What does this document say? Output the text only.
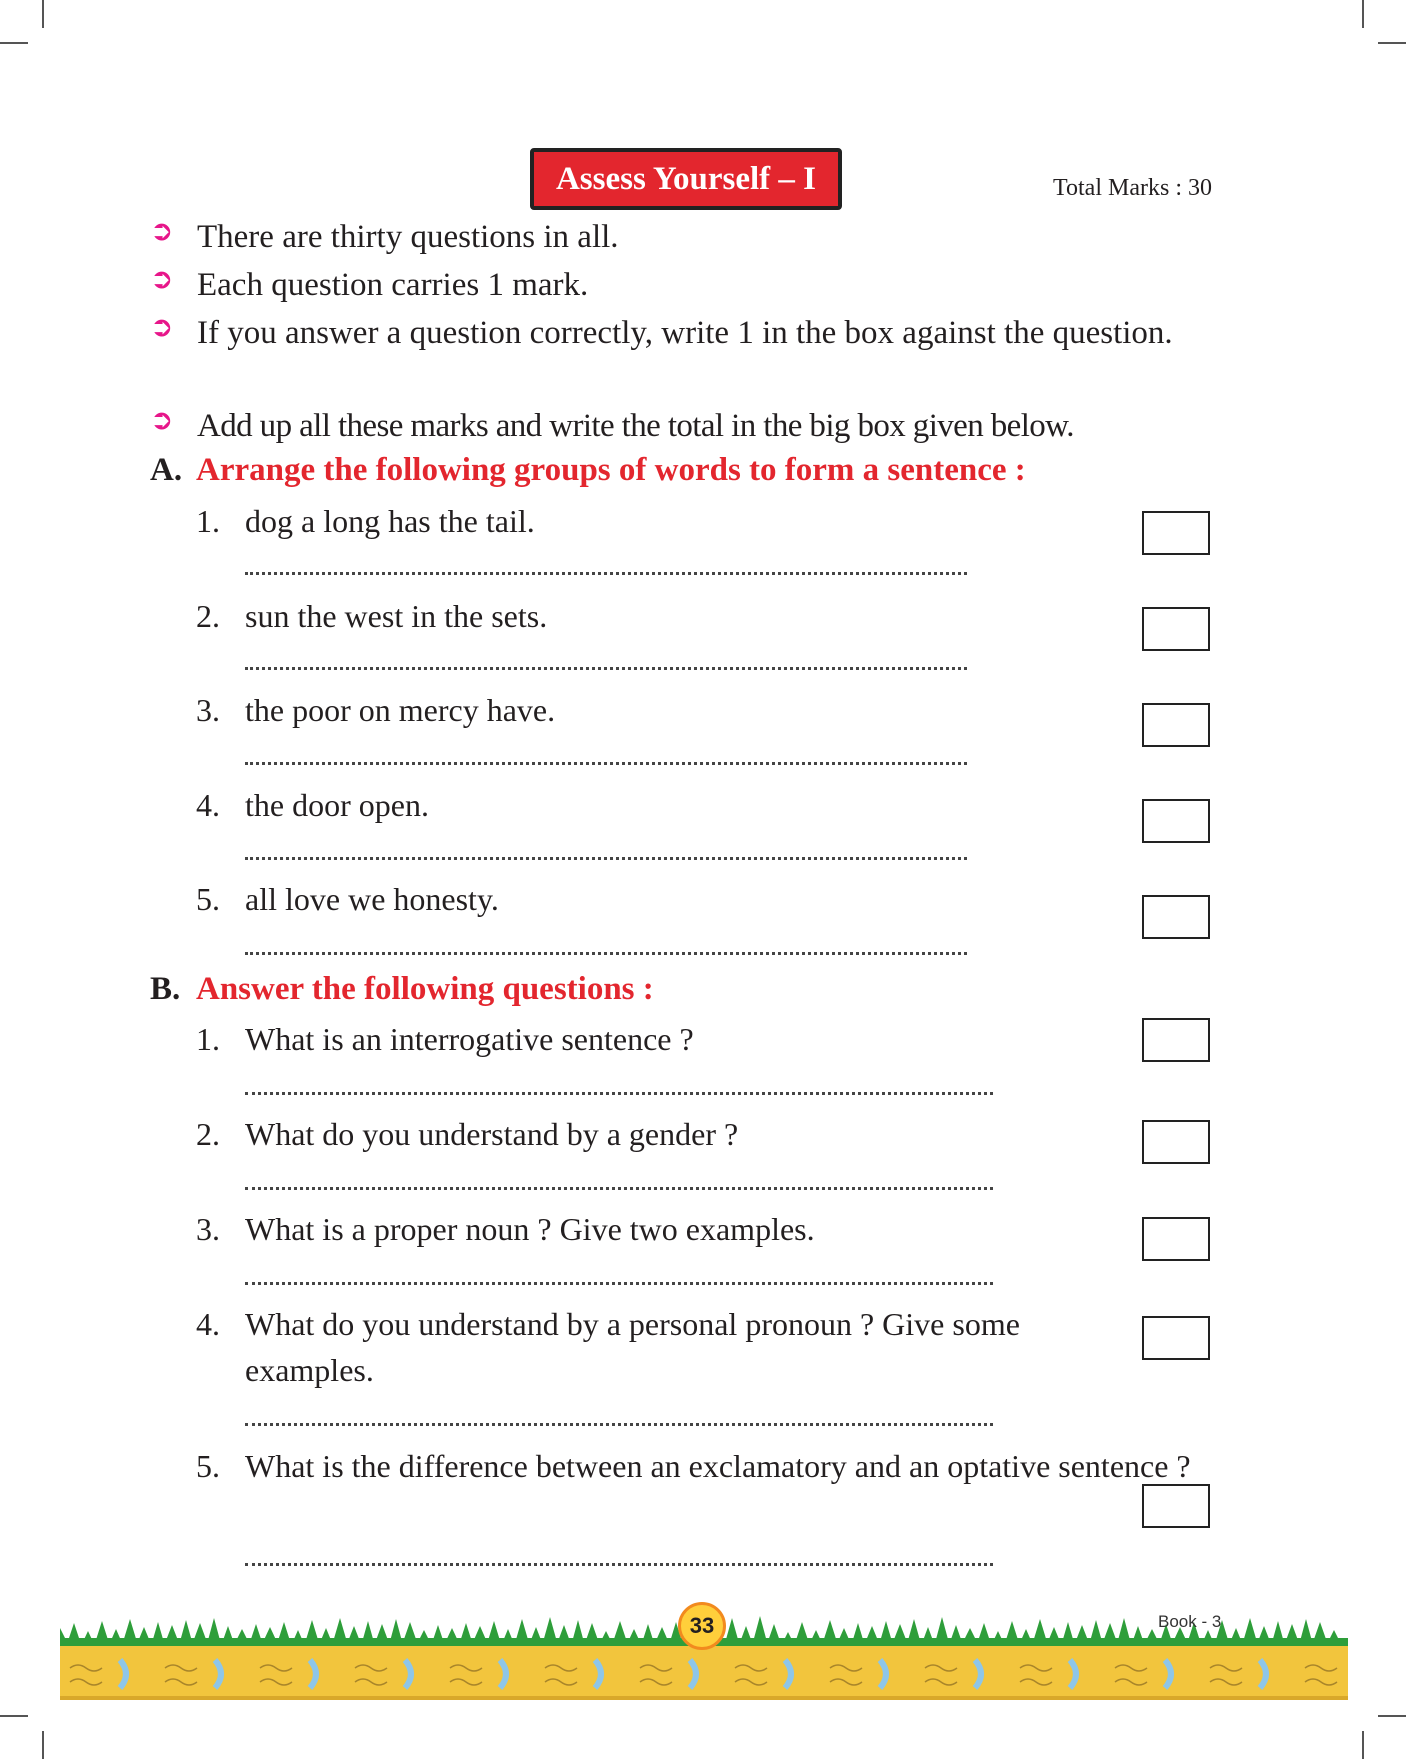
Assess Yourself – I	Total Marks : 30
➲ There are thirty questions in all.
➲ Each question carries 1 mark.
➲ If you answer a question correctly, write 1 in the box against the question.
➲ Add up all these marks and write the total in the big box given below.
A. Arrange the following groups of words to form a sentence :
1. dog a long has the tail.
2. sun the west in the sets.
3. the poor on mercy have.
4. the door open.
5. all love we honesty.
B. Answer the following questions :
1. What is an interrogative sentence ?
2. What do you understand by a gender ?
3. What is a proper noun ? Give two examples.
4. What do you understand by a personal pronoun ? Give some examples.
5. What is the difference between an exclamatory and an optative sentence ?
33	Book - 3
